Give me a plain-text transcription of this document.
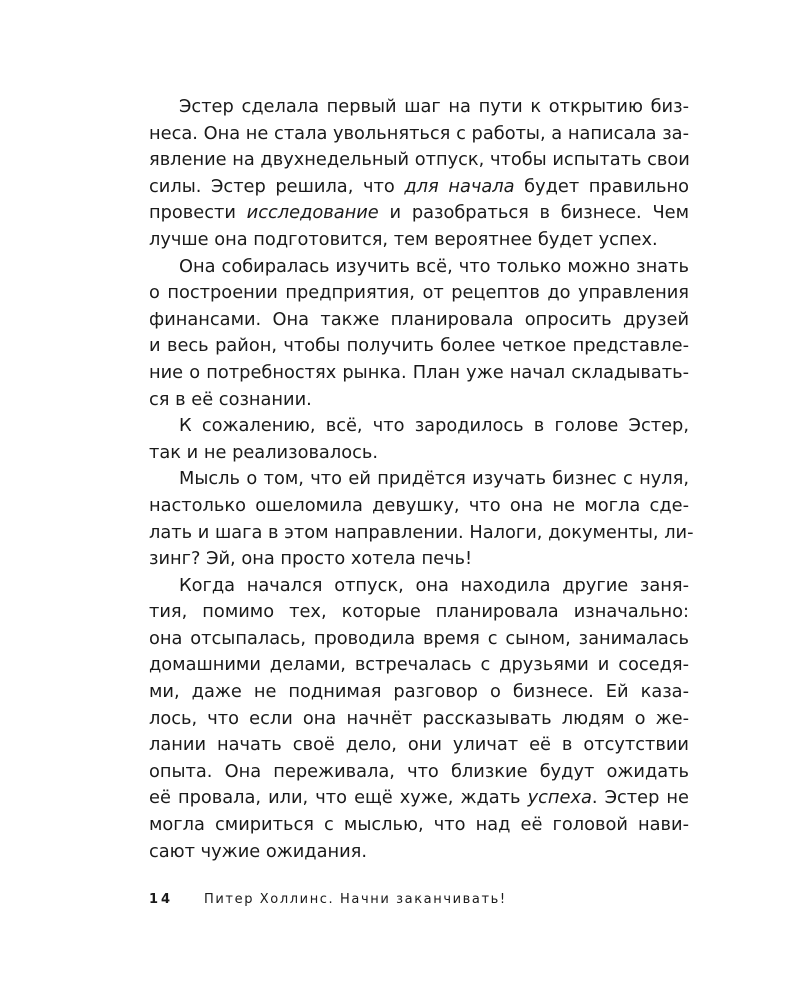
Эстер сделала первый шаг на пути к открытию биз-
неса. Она не стала увольняться с работы, а написала за-
явление на двухнедельный отпуск, чтобы испытать свои
силы. Эстер решила, что для начала будет правильно
провести исследование и разобраться в бизнесе. Чем
лучше она подготовится, тем вероятнее будет успех.
Она собиралась изучить всё, что только можно знать
о построении предприятия, от рецептов до управления
финансами. Она также планировала опросить друзей
и весь район, чтобы получить более четкое представле-
ние о потребностях рынка. План уже начал складывать-
ся в её сознании.
К сожалению, всё, что зародилось в голове Эстер,
так и не реализовалось.
Мысль о том, что ей придётся изучать бизнес с нуля,
настолько ошеломила девушку, что она не могла сде-
лать и шага в этом направлении. Налоги, документы, ли-
зинг? Эй, она просто хотела печь!
Когда начался отпуск, она находила другие заня-
тия, помимо тех, которые планировала изначально:
она отсыпалась, проводила время с сыном, занималась
домашними делами, встречалась с друзьями и соседя-
ми, даже не поднимая разговор о бизнесе. Ей каза-
лось, что если она начнёт рассказывать людям о же-
лании начать своё дело, они уличат её в отсутствии
опыта. Она переживала, что близкие будут ожидать
её провала, или, что ещё хуже, ждать успеха. Эстер не
могла смириться с мыслью, что над её головой нави-
сают чужие ожидания.
14 Питер Холлинс. Начни заканчивать!
